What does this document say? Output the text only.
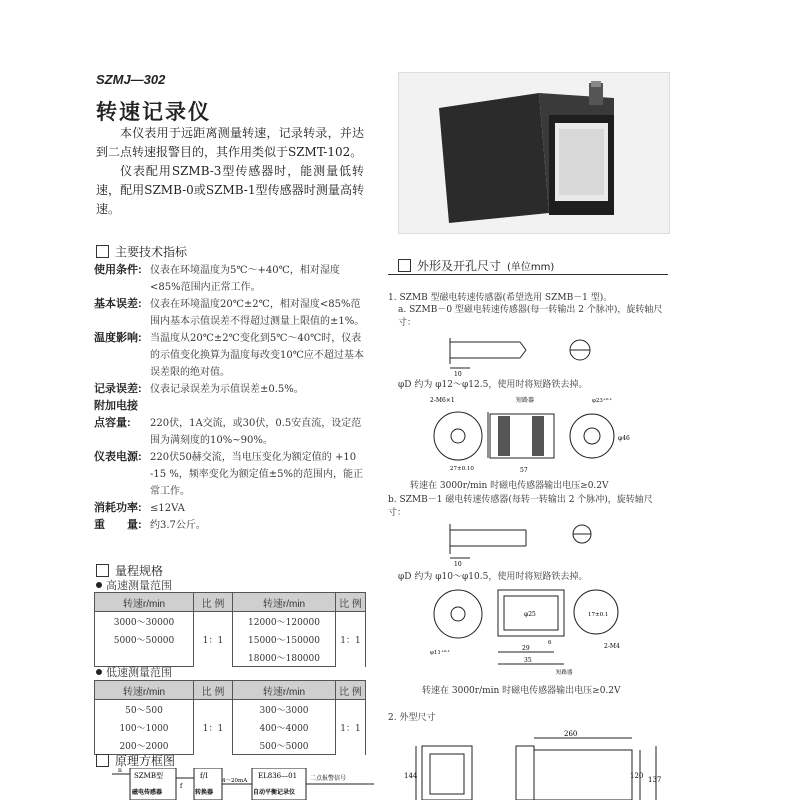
SZMJ—302
转速记录仪

本仪表用于远距离测量转速，记录转录，并达到二点转速报警目的，其作用类似于SZMT-102。

仪表配用SZMB-3型传感器时，能测量低转速，配用SZMB-0或SZMB-1型传感器时测量高转速。

主要技术指标
使用条件: 仪表在环境温度为5℃～+40℃，相对湿度<85%范围内正常工作。
基本误差: 仪表在环境温度20℃±2℃，相对湿度<85%范围内基本示值误差不得超过测量上限值的±1%。
温度影响: 当温度从20℃±2℃变化到5℃～40℃时，仪表的示值变化换算为温度每改变10℃应不超过基本误差限的绝对值。
记录误差: 仪表记录误差为示值误差±0.5%。
附加电接
点容量:	220伏，1A交流，或30伏，0.5安直流，设定范围为满刻度的10%~90%。
仪表电源: 220伏50赫交流，当电压变化为额定值的 +10 -15 %，频率变化为额定值±5%的范围内，能正常工作。
消耗功率: ≤12VA
重　　量: 约3.7公斤。
量程规格
高速测量范围
转速r/min	比 例	转速r/min	比 例
3000～30000	1：1	12000～120000	1：1
5000～50000		15000～150000	
		18000～180000	
低速测量范围
转速r/min	比 例	转速r/min	比 例
50～500	1：1	300～3000	1：1
100～1000		400～4000	
200～2000		500～5000	
原理方框图
n
SZMB型
磁电传感器
f
f/I
转换器
4～20mA
EL836—01
自动平衡记录仪
二点报警信号
外形及开孔尺寸 (单位mm)
1. SZMB 型磁电转速传感器(希望选用 SZMB－1 型)。
a. SZMB－0 型磁电转速传感器(每一转输出 2 个脉冲)，旋转轴尺寸：
10
φD 约为 φ12～φ12.5，使用时将短路铁去掉。
2-M6×1	短路器
27±0.10	57
φ23⁺⁰·¹
φ46
转速在 3000r/min 时磁电传感器输出电压≥0.2V
b. SZMB－1 磁电转速传感器(每转一转输出 2 个脉冲)，旋转轴尺寸：
10
φD 约为 φ10～φ10.5，使用时将短路铁去掉。
φ11⁺⁰·¹
φ25
29
35
6
短路器
17±0.1
2-M4
转速在 3000r/min 时磁电传感器输出电压≥0.2V
2. 外型尺寸
144
260
120 137
